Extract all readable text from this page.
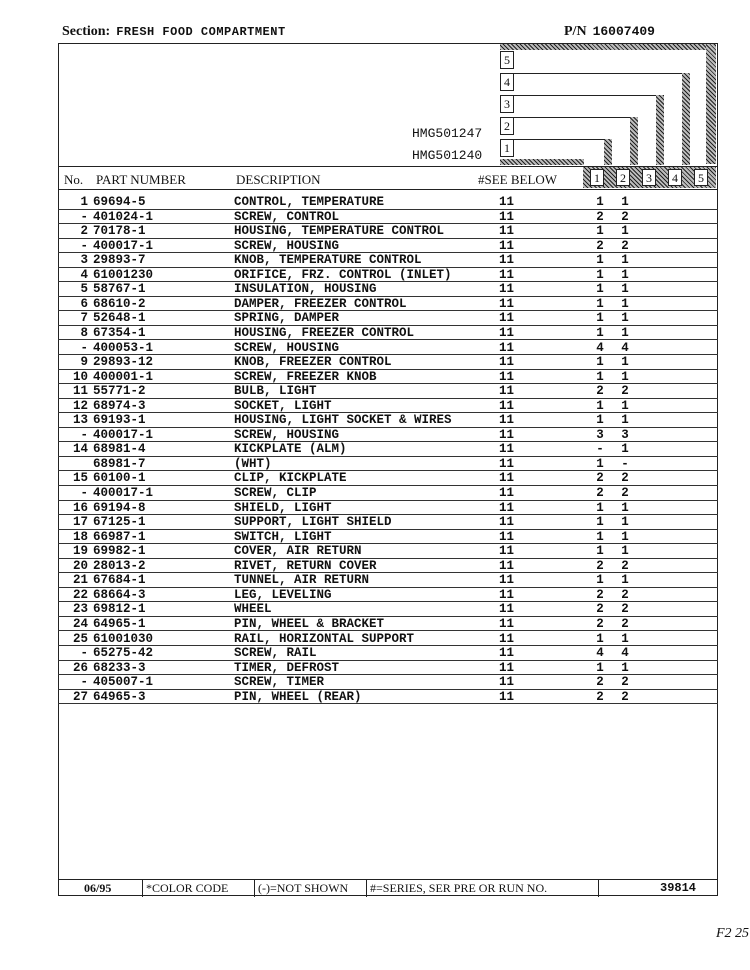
Section: FRESH FOOD COMPARTMENT	P/N 16007409
HMG501247
HMG501240
5
4
3
2
1
1	2	3	4	5
No. PART NUMBER	DESCRIPTION	#SEE BELOW
1 69694-5	CONTROL, TEMPERATURE	11	1 1
- 401024-1	SCREW, CONTROL	11	2 2
2 70178-1	HOUSING, TEMPERATURE CONTROL	11	1 1
- 400017-1	SCREW, HOUSING	11	2 2
3 29893-7	KNOB, TEMPERATURE CONTROL	11	1 1
4 61001230	ORIFICE, FRZ. CONTROL (INLET)	11	1 1
5 58767-1	INSULATION, HOUSING	11	1 1
6 68610-2	DAMPER, FREEZER CONTROL	11	1 1
7 52648-1	SPRING, DAMPER	11	1 1
8 67354-1	HOUSING, FREEZER CONTROL	11	1 1
- 400053-1	SCREW, HOUSING	11	4 4
9 29893-12	KNOB, FREEZER CONTROL	11	1 1
10 400001-1	SCREW, FREEZER KNOB	11	1 1
11 55771-2	BULB, LIGHT	11	2 2
12 68974-3	SOCKET, LIGHT	11	1 1
13 69193-1	HOUSING, LIGHT SOCKET & WIRES	11	1 1
- 400017-1	SCREW, HOUSING	11	3 3
14 68981-4	KICKPLATE (ALM)	11	- 1
68981-7	(WHT)	11	1 -
15 60100-1	CLIP, KICKPLATE	11	2 2
- 400017-1	SCREW, CLIP	11	2 2
16 69194-8	SHIELD, LIGHT	11	1 1
17 67125-1	SUPPORT, LIGHT SHIELD	11	1 1
18 66987-1	SWITCH, LIGHT	11	1 1
19 69982-1	COVER, AIR RETURN	11	1 1
20 28013-2	RIVET, RETURN COVER	11	2 2
21 67684-1	TUNNEL, AIR RETURN	11	1 1
22 68664-3	LEG, LEVELING	11	2 2
23 69812-1	WHEEL	11	2 2
24 64965-1	PIN, WHEEL & BRACKET	11	2 2
25 61001030	RAIL, HORIZONTAL SUPPORT	11	1 1
- 65275-42	SCREW, RAIL	11	4 4
26 68233-3	TIMER, DEFROST	11	1 1
- 405007-1	SCREW, TIMER	11	2 2
27 64965-3	PIN, WHEEL (REAR)	11	2 2
06/95	*COLOR CODE (-)=NOT SHOWN #=SERIES, SER PRE OR RUN NO.	39814
F2 25
